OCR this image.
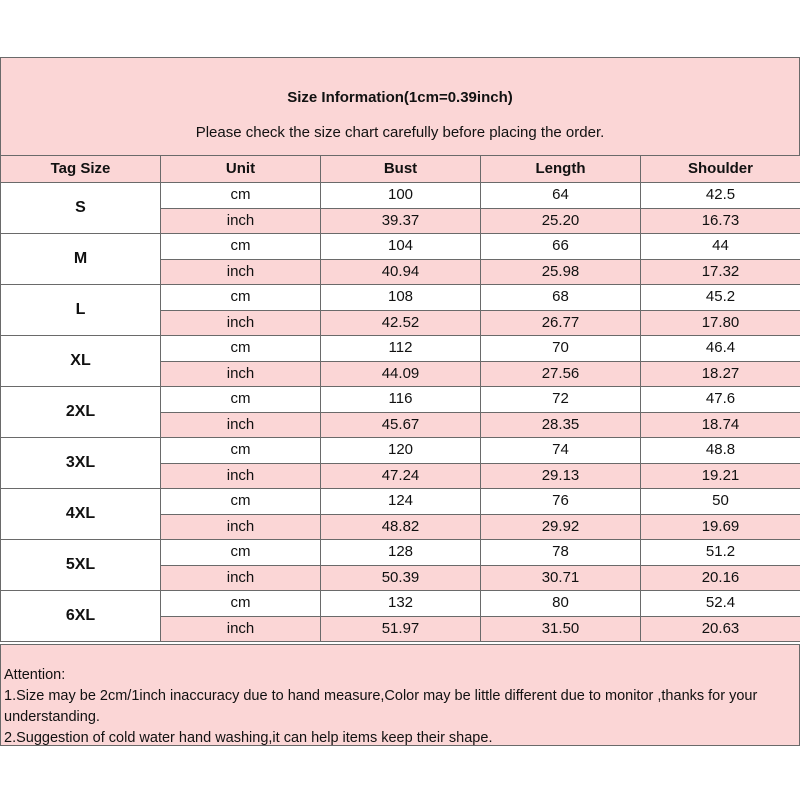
Size Information(1cm=0.39inch)
Please check the size chart carefully before placing the order.
Tag Size	Unit	Bust	Length	Shoulder
S	cm	100	64	42.5
	inch	39.37	25.20	16.73
M	cm	104	66	44
	inch	40.94	25.98	17.32
L	cm	108	68	45.2
	inch	42.52	26.77	17.80
XL	cm	112	70	46.4
	inch	44.09	27.56	18.27
2XL	cm	116	72	47.6
	inch	45.67	28.35	18.74
3XL	cm	120	74	48.8
	inch	47.24	29.13	19.21
4XL	cm	124	76	50
	inch	48.82	29.92	19.69
5XL	cm	128	78	51.2
	inch	50.39	30.71	20.16
6XL	cm	132	80	52.4
	inch	51.97	31.50	20.63
Attention:
1.Size may be 2cm/1inch inaccuracy due to hand measure,Color may be little different due to monitor ,thanks for your understanding.
2.Suggestion of cold water hand washing,it can help items keep their shape.
